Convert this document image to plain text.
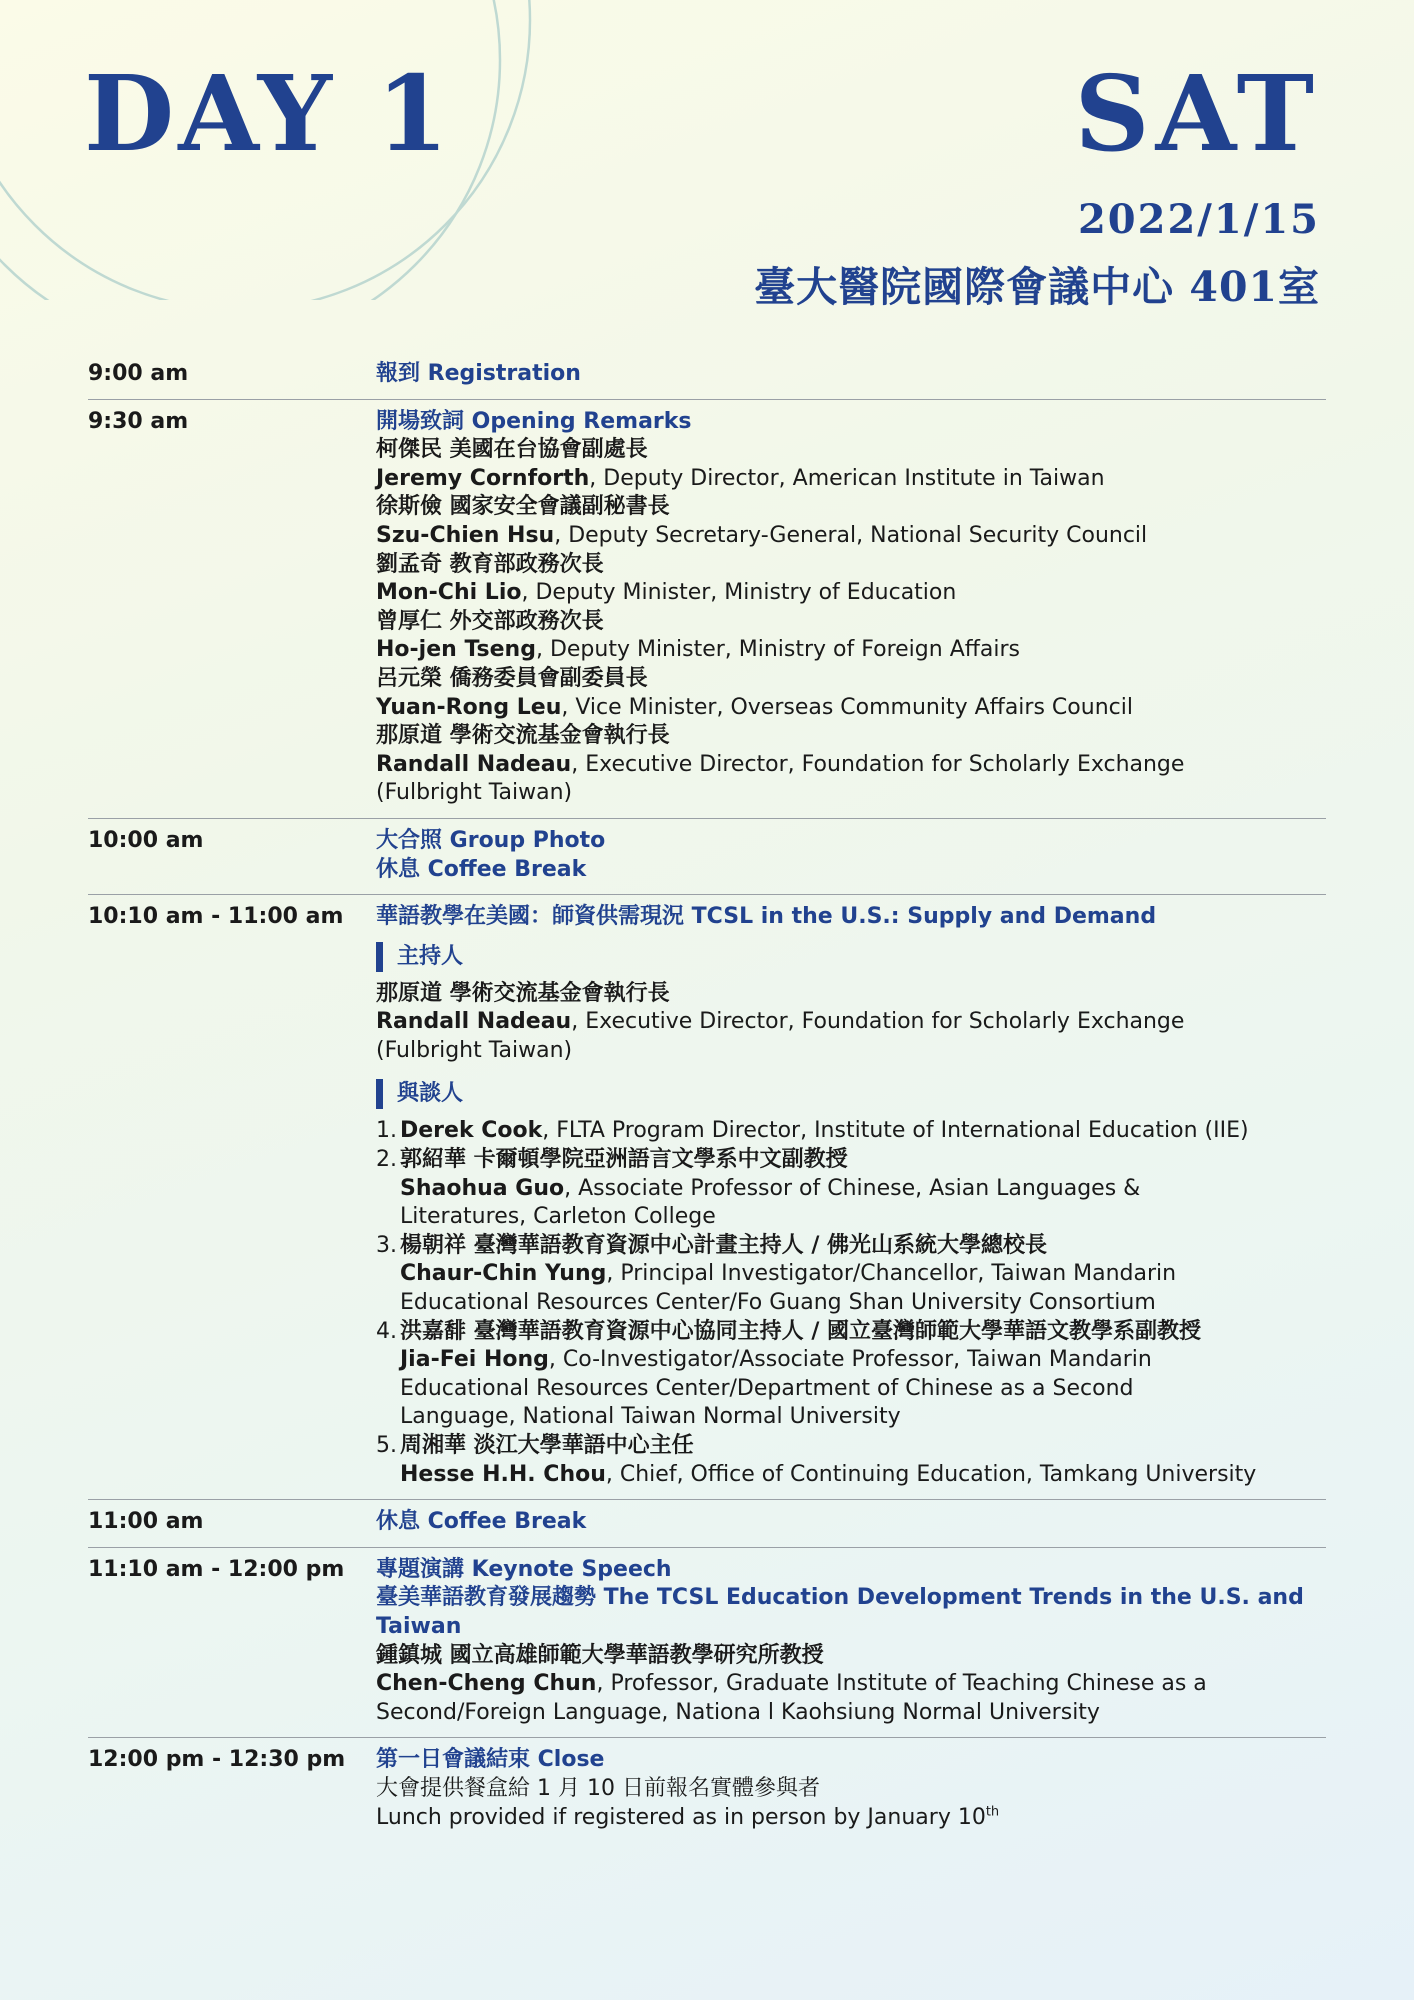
DAY 1	SAT
2022/1/15
臺大醫院國際會議中心 401室
9:00 am	報到 Registration
9:30 am	開場致詞 Opening Remarks
柯傑民 美國在台協會副處長
Jeremy Cornforth, Deputy Director, American Institute in Taiwan
徐斯儉 國家安全會議副秘書長
Szu-Chien Hsu, Deputy Secretary-General, National Security Council
劉孟奇 教育部政務次長
Mon-Chi Lio, Deputy Minister, Ministry of Education
曾厚仁 外交部政務次長
Ho-jen Tseng, Deputy Minister, Ministry of Foreign Affairs
呂元榮 僑務委員會副委員長
Yuan-Rong Leu, Vice Minister, Overseas Community Affairs Council
那原道 學術交流基金會執行長
Randall Nadeau, Executive Director, Foundation for Scholarly Exchange
(Fulbright Taiwan)
10:00 am	大合照 Group Photo
休息 Coffee Break
10:10 am - 11:00 am	華語教學在美國：師資供需現況 TCSL in the U.S.: Supply and Demand
主持人
那原道 學術交流基金會執行長
Randall Nadeau, Executive Director, Foundation for Scholarly Exchange
(Fulbright Taiwan)
與談人
1. Derek Cook, FLTA Program Director, Institute of International Education (IIE)
2. 郭紹華 卡爾頓學院亞洲語言文學系中文副教授
Shaohua Guo, Associate Professor of Chinese, Asian Languages &
Literatures, Carleton College
3. 楊朝祥 臺灣華語教育資源中心計畫主持人 / 佛光山系統大學總校長
Chaur-Chin Yung, Principal Investigator/Chancellor, Taiwan Mandarin
Educational Resources Center/Fo Guang Shan University Consortium
4. 洪嘉馡 臺灣華語教育資源中心協同主持人 / 國立臺灣師範大學華語文教學系副教授
Jia-Fei Hong, Co-Investigator/Associate Professor, Taiwan Mandarin
Educational Resources Center/Department of Chinese as a Second
Language, National Taiwan Normal University
5. 周湘華 淡江大學華語中心主任
Hesse H.H. Chou, Chief, Office of Continuing Education, Tamkang University
11:00 am	休息 Coffee Break
11:10 am - 12:00 pm	專題演講 Keynote Speech
臺美華語教育發展趨勢 The TCSL Education Development Trends in the U.S. and
Taiwan
鍾鎮城 國立高雄師範大學華語教學研究所教授
Chen-Cheng Chun, Professor, Graduate Institute of Teaching Chinese as a
Second/Foreign Language, Nationa l Kaohsiung Normal University
12:00 pm - 12:30 pm	第一日會議結束 Close
大會提供餐盒給 1 月 10 日前報名實體參與者
Lunch provided if registered as in person by January 10th
